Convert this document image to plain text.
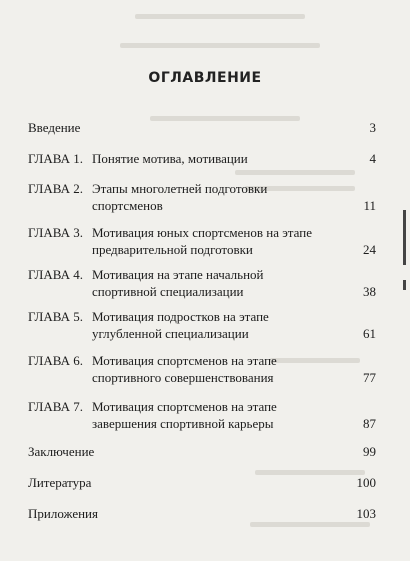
ОГЛАВЛЕНИЕ
Введение	3
ГЛАВА 1. Понятие мотива, мотивации	4
ГЛАВА 2. Этапы многолетней подготовки
спортсменов	11
ГЛАВА 3. Мотивация юных спортсменов на этапе
предварительной подготовки	24
ГЛАВА 4. Мотивация на этапе начальной
спортивной специализации	38
ГЛАВА 5. Мотивация подростков на этапе
углубленной специализации	61
ГЛАВА 6. Мотивация спортсменов на этапе
спортивного совершенствования	77
ГЛАВА 7. Мотивация спортсменов на этапе
завершения спортивной карьеры	87
Заключение	99
Литература	100
Приложения	103
